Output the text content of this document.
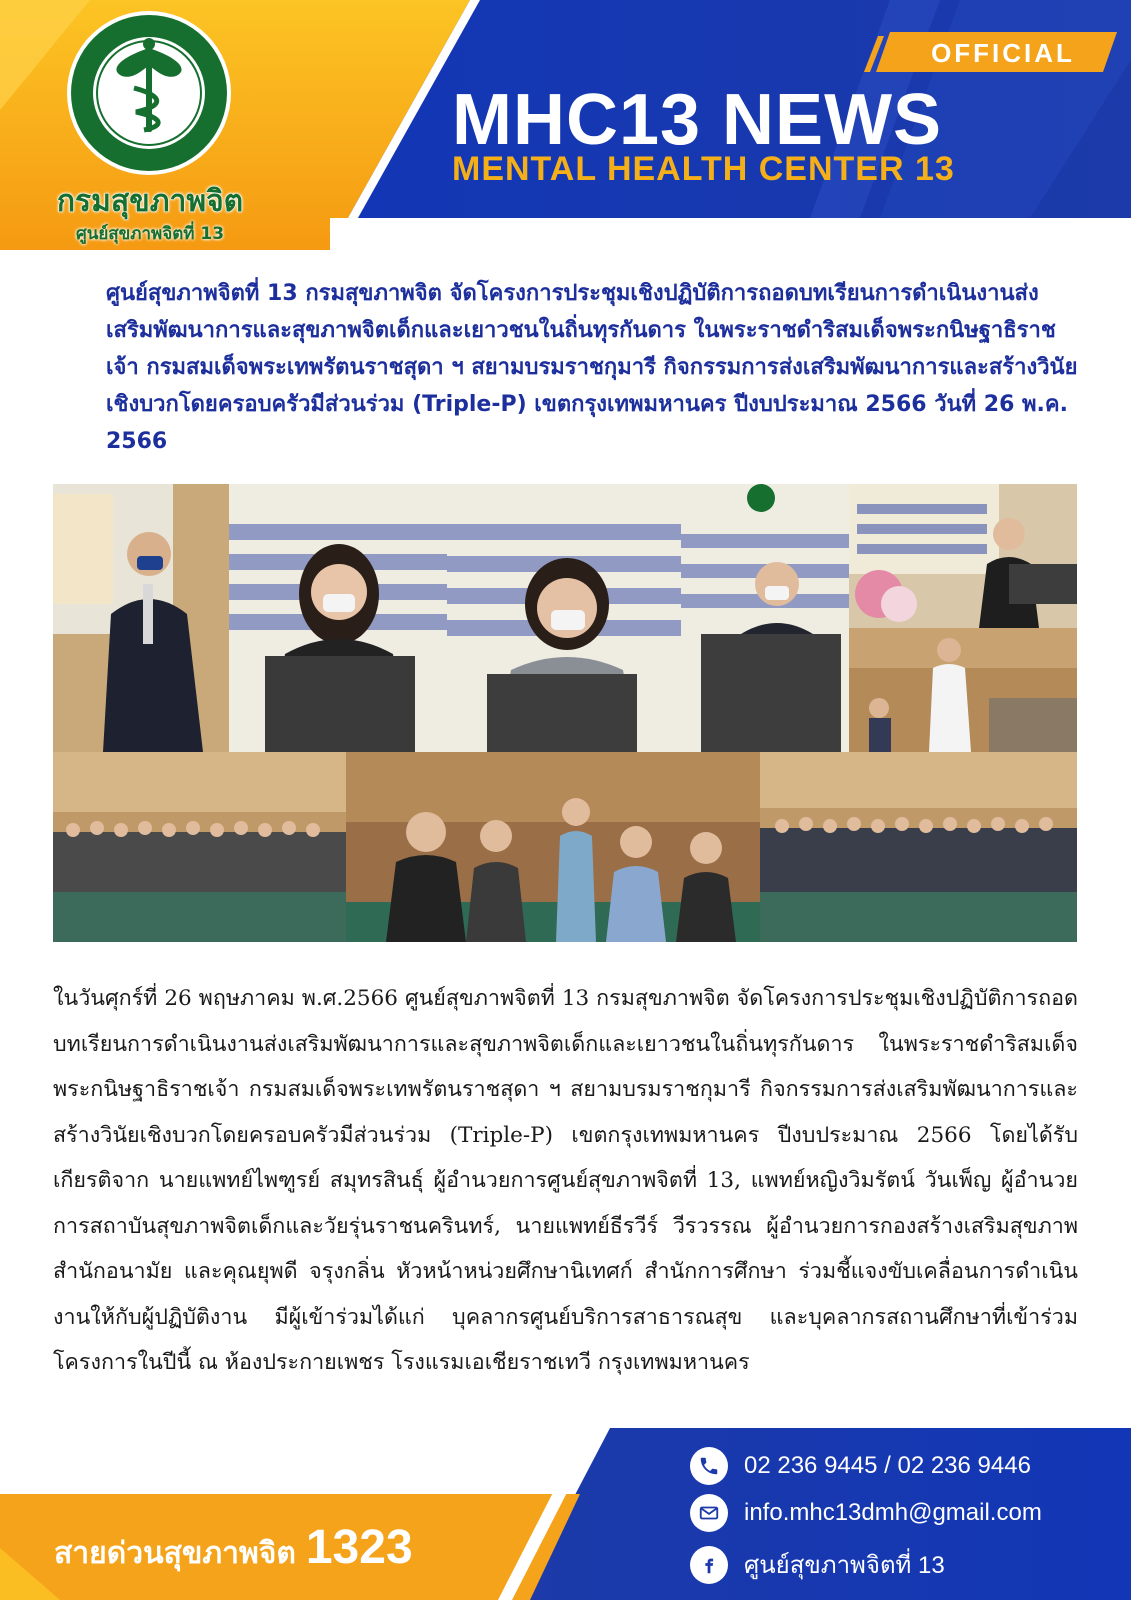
กรมสุขภาพจิต
ศูนย์สุขภาพจิตที่ 13
OFFICIAL
MHC13 NEWS
MENTAL HEALTH CENTER 13
ศูนย์สุขภาพจิตที่ 13 กรมสุขภาพจิต จัดโครงการประชุมเชิงปฏิบัติการถอดบทเรียนการดำเนินงานส่งเสริมพัฒนาการและสุขภาพจิตเด็กและเยาวชนในถิ่นทุรกันดาร ในพระราชดำริสมเด็จพระกนิษฐาธิราชเจ้า กรมสมเด็จพระเทพรัตนราชสุดา ฯ สยามบรมราชกุมารี กิจกรรมการส่งเสริมพัฒนาการและสร้างวินัยเชิงบวกโดยครอบครัวมีส่วนร่วม (Triple-P) เขตกรุงเทพมหานคร ปีงบประมาณ 2566 วันที่ 26 พ.ค. 2566
ในวันศุกร์ที่ 26 พฤษภาคม พ.ศ.2566 ศูนย์สุขภาพจิตที่ 13 กรมสุขภาพจิต จัดโครงการประชุมเชิงปฏิบัติการถอดบทเรียนการดำเนินงานส่งเสริมพัฒนาการและสุขภาพจิตเด็กและเยาวชนในถิ่นทุรกันดาร ในพระราชดำริสมเด็จพระกนิษฐาธิราชเจ้า กรมสมเด็จพระเทพรัตนราชสุดา ฯ สยามบรมราชกุมารี กิจกรรมการส่งเสริมพัฒนาการและสร้างวินัยเชิงบวกโดยครอบครัวมีส่วนร่วม (Triple-P) เขตกรุงเทพมหานคร ปีงบประมาณ 2566 โดยได้รับเกียรติจาก นายแพทย์ไพฑูรย์ สมุทรสินธุ์ ผู้อำนวยการศูนย์สุขภาพจิตที่ 13, แพทย์หญิงวิมรัตน์ วันเพ็ญ ผู้อำนวยการสถาบันสุขภาพจิตเด็กและวัยรุ่นราชนครินทร์, นายแพทย์ธีรวีร์ วีรวรรณ ผู้อำนวยการกองสร้างเสริมสุขภาพ สำนักอนามัย และคุณยุพดี จรุงกลิ่น หัวหน้าหน่วยศึกษานิเทศก์ สำนักการศึกษา ร่วมชี้แจงขับเคลื่อนการดำเนินงานให้กับผู้ปฏิบัติงาน มีผู้เข้าร่วมได้แก่ บุคลากรศูนย์บริการสาธารณสุข และบุคลากรสถานศึกษาที่เข้าร่วมโครงการในปีนี้ ณ ห้องประกายเพชร โรงแรมเอเชียราชเทวี กรุงเทพมหานคร
สายด่วนสุขภาพจิต 1323
02 236 9445 / 02 236 9446
info.mhc13dmh@gmail.com
ศูนย์สุขภาพจิตที่ 13
